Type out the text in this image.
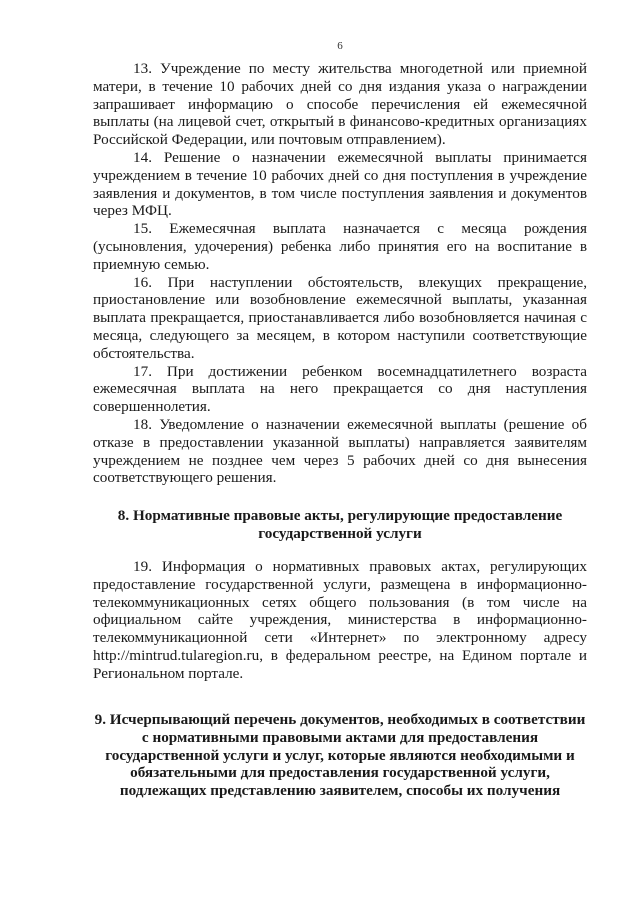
6

13. Учреждение по месту жительства многодетной или приемной матери, в течение 10 рабочих дней со дня издания указа о награждении запрашивает информацию о способе перечисления ей ежемесячной выплаты (на лицевой счет, открытый в финансово-кредитных организациях Российской Федерации, или почтовым отправлением).

14. Решение о назначении ежемесячной выплаты принимается учреждением в течение 10 рабочих дней со дня поступления в учреждение заявления и документов, в том числе поступления заявления и документов через МФЦ.

15. Ежемесячная выплата назначается с месяца рождения (усыновления, удочерения) ребенка либо принятия его на воспитание в приемную семью.

16. При наступлении обстоятельств, влекущих прекращение, приостановление или возобновление ежемесячной выплаты, указанная выплата прекращается, приостанавливается либо возобновляется начиная с месяца, следующего за месяцем, в котором наступили соответствующие обстоятельства.

17. При достижении ребенком восемнадцатилетнего возраста ежемесячная выплата на него прекращается со дня наступления совершеннолетия.

18. Уведомление о назначении ежемесячной выплаты (решение об отказе в предоставлении указанной выплаты) направляется заявителям учреждением не позднее чем через 5 рабочих дней со дня вынесения соответствующего решения.

8. Нормативные правовые акты, регулирующие предоставление государственной услуги

19. Информация о нормативных правовых актах, регулирующих предоставление государственной услуги, размещена в информационно-телекоммуникационных сетях общего пользования (в том числе на официальном сайте учреждения, министерства в информационно-телекоммуникационной сети «Интернет» по электронному адресу http://mintrud.tularegion.ru, в федеральном реестре, на Едином портале и Региональном портале.

9. Исчерпывающий перечень документов, необходимых в соответствии с нормативными правовыми актами для предоставления государственной услуги и услуг, которые являются необходимыми и обязательными для предоставления государственной услуги, подлежащих представлению заявителем, способы их получения
